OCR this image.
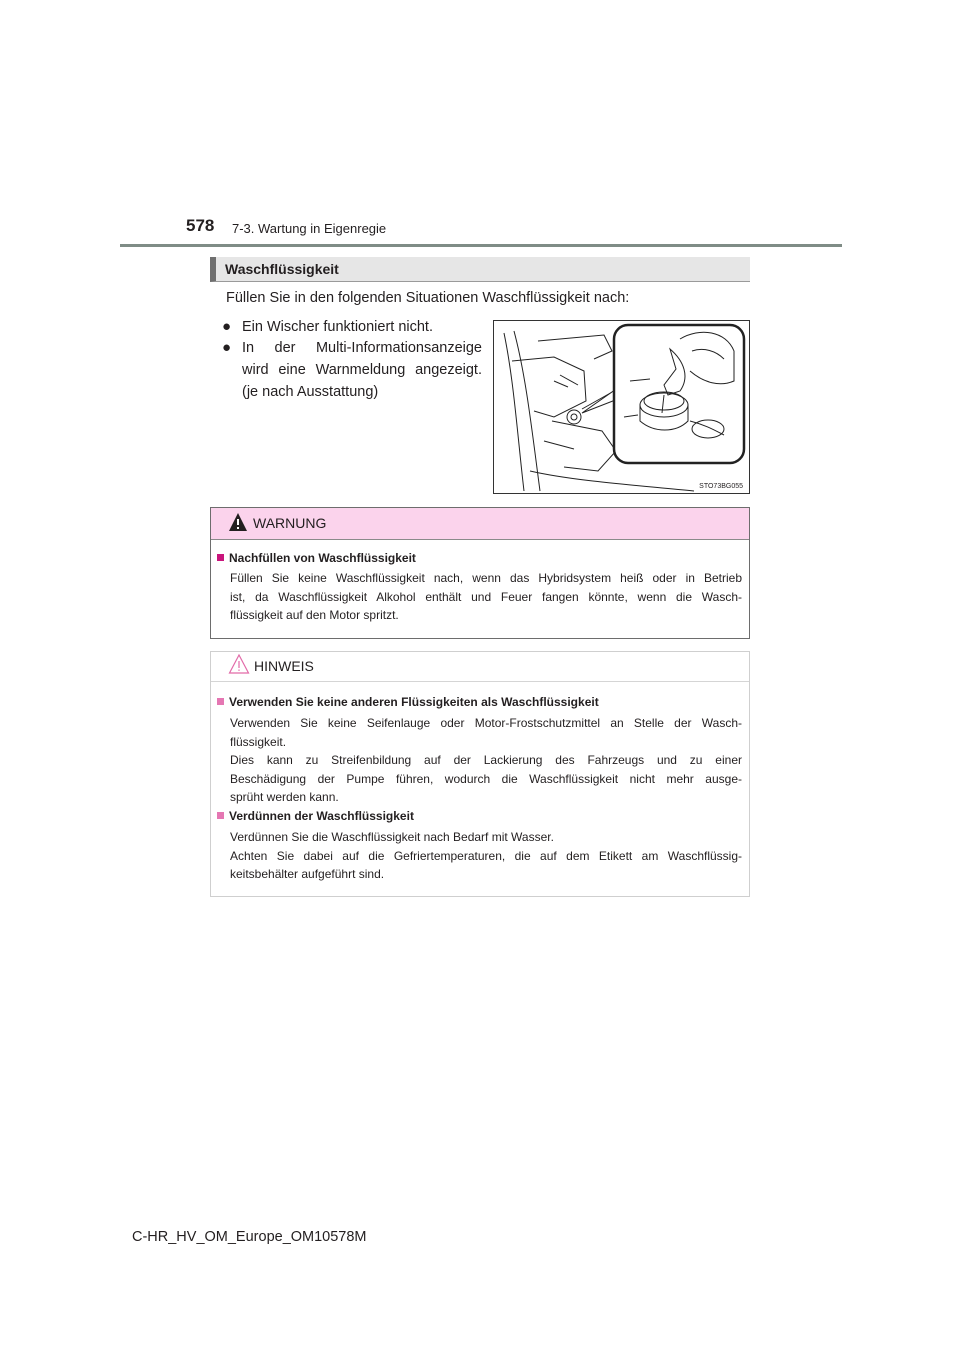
578 7-3. Wartung in Eigenregie
Waschflüssigkeit
Füllen Sie in den folgenden Situationen Waschflüssigkeit nach:
● Ein Wischer funktioniert nicht.
● In der Multi-Informationsanzeige
wird eine Warnmeldung angezeigt.
(je nach Ausstattung)
STO73BG055
WARNUNG
Nachfüllen von Waschflüssigkeit
Füllen Sie keine Waschflüssigkeit nach, wenn das Hybridsystem heiß oder in Betrieb
ist, da Waschflüssigkeit Alkohol enthält und Feuer fangen könnte, wenn die Wasch-
flüssigkeit auf den Motor spritzt.
HINWEIS
Verwenden Sie keine anderen Flüssigkeiten als Waschflüssigkeit
Verwenden Sie keine Seifenlauge oder Motor-Frostschutzmittel an Stelle der Wasch-
flüssigkeit.
Dies kann zu Streifenbildung auf der Lackierung des Fahrzeugs und zu einer
Beschädigung der Pumpe führen, wodurch die Waschflüssigkeit nicht mehr ausge-
sprüht werden kann.
Verdünnen der Waschflüssigkeit
Verdünnen Sie die Waschflüssigkeit nach Bedarf mit Wasser.
Achten Sie dabei auf die Gefriertemperaturen, die auf dem Etikett am Waschflüssig-
keitsbehälter aufgeführt sind.
C-HR_HV_OM_Europe_OM10578M
